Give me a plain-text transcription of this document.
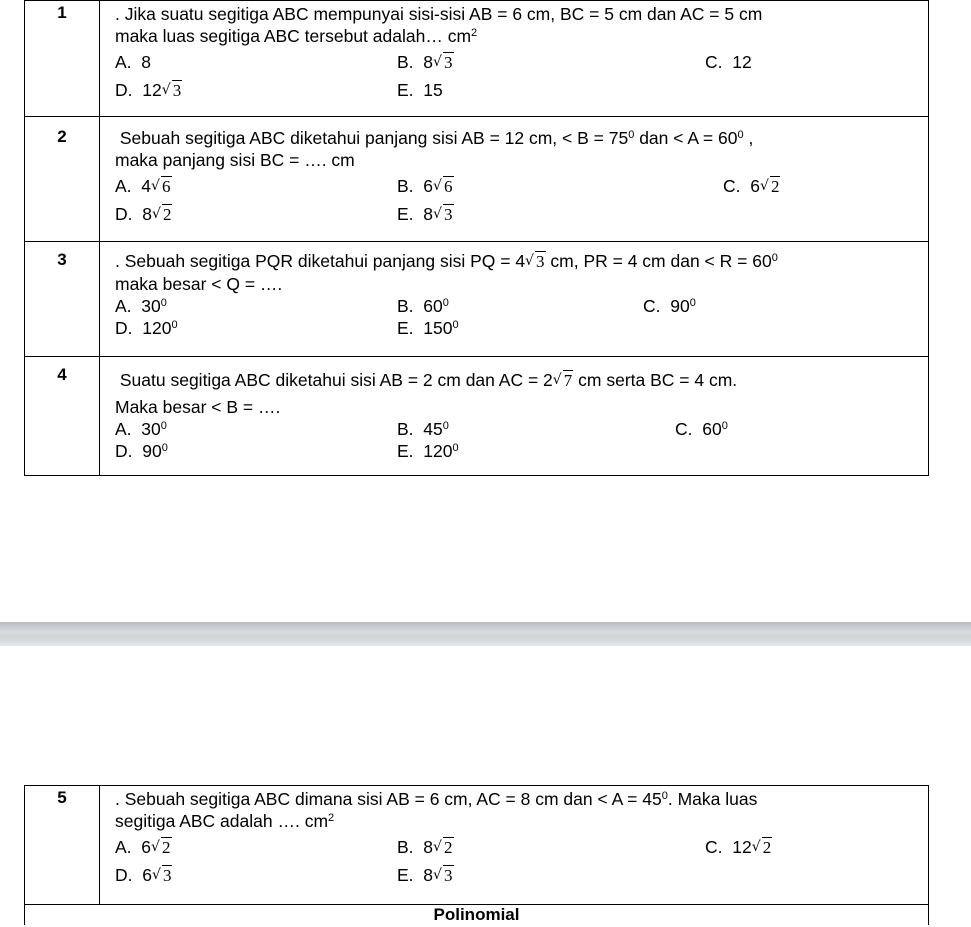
1	. Jika suatu segitiga ABC mempunyai sisi-sisi AB = 6 cm, BC = 5 cm dan AC = 5 cm

maka luas segitiga ABC tersebut adalah… $cm^2$

A. 8	B. 8 √ 3	C. 12
D. 12 √ 3	E. 15
2	Sebuah segitiga ABC diketahui panjang sisi AB = 12 cm, < $B = 75^0$ dan < $A = 60^0$ ,

maka panjang sisi BC = …. cm

A. 4 √ 6	B. 6 √ 6	C. 6 √ 2
D. 8 √ 2	E. 8 √ 3
3	. Sebuah segitiga PQR diketahui panjang sisi PQ = 4 √ 3 cm, PR = 4 cm dan < $R = 60^0$

maka besar < Q = ….

A. $30^0$	B. $60^0$	C. $90^0$
D. $120^0$	E. $150^0$
4	Suatu segitiga ABC diketahui sisi AB = 2 cm dan AC = 2 √ 7 cm serta BC = 4 cm.

Maka besar < B = ….

A. $30^0$	B. $45^0$	C. $60^0$
D. $90^0$	E. $120^0$
5	. Sebuah segitiga ABC dimana sisi AB = 6 cm, AC = 8 cm dan < $A = 45^0$. Maka luas

segitiga ABC adalah …. $cm^2$

A. 6 √ 2	B. 8 √ 2	C. 12 √ 2
D. 6 √ 3	E. 8 √ 3
Polinomial
